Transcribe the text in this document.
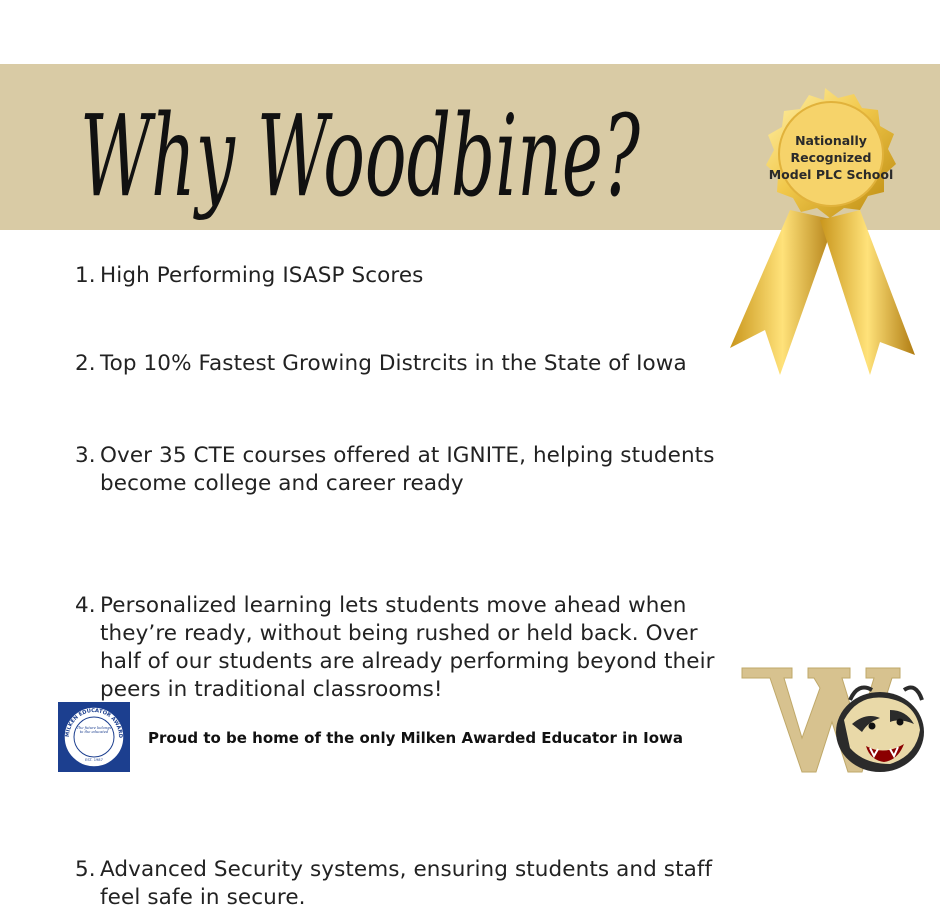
Why Woodbine?	Nationally
Recognized
Model PLC School
1. High Performing ISASP Scores
2. Top 10% Fastest Growing Distrcits in the State of Iowa
3. Over 35 CTE courses offered at IGNITE, helping students become college and career ready
4. Personalized learning lets students move ahead when they’re ready, without being rushed or held back. Over half of our students are already performing beyond their peers in traditional classrooms!
5. Advanced Security systems, ensuring students and staff feel safe in secure.
MILKEN EDUCATOR AWARD
The future belongs to the educated
EST. 1987
Proud to be home of the only Milken Awarded Educator in Iowa
